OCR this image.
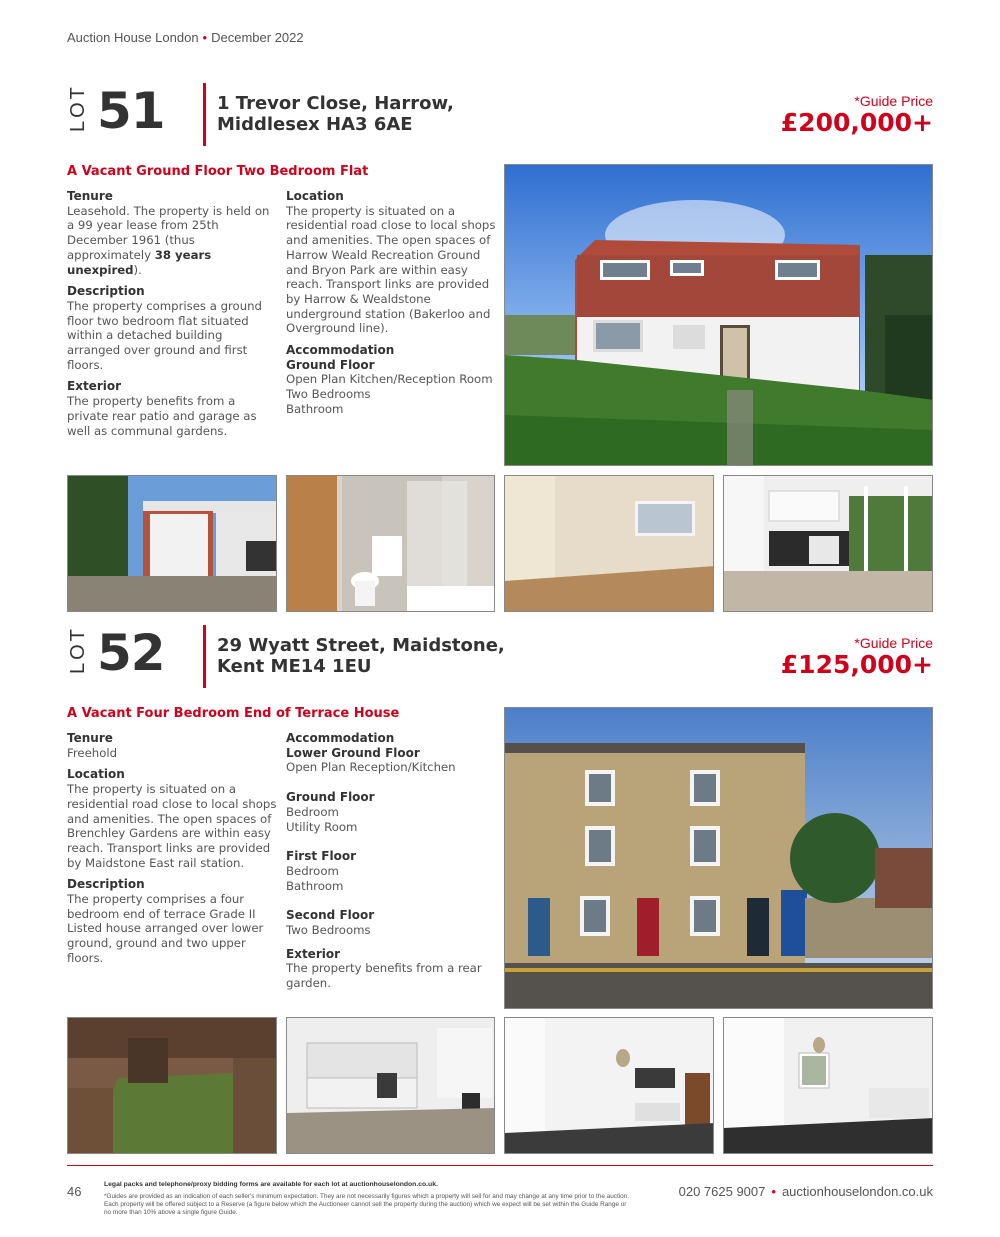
Auction House London • December 2022
LOT 51	1 Trevor Close, Harrow,
Middlesex HA3 6AE
*Guide Price
£200,000+
A Vacant Ground Floor Two Bedroom Flat
Tenure

Leasehold. The property is held on a 99 year lease from 25th December 1961 (thus approximately 38 years unexpired).

Description

The property comprises a ground floor two bedroom flat situated within a detached building arranged over ground and first floors.

Exterior

The property benefits from a private rear patio and garage as well as communal gardens.

Location

The property is situated on a residential road close to local shops and amenities. The open spaces of Harrow Weald Recreation Ground and Bryon Park are within easy reach. Transport links are provided by Harrow & Wealdstone underground station (Bakerloo and Overground line).

Accommodation
Ground Floor
Open Plan Kitchen/Reception Room
Two Bedrooms
Bathroom
LOT 52	29 Wyatt Street, Maidstone,
Kent ME14 1EU
*Guide Price
£125,000+
A Vacant Four Bedroom End of Terrace House
Tenure

Freehold

Location

The property is situated on a residential road close to local shops and amenities. The open spaces of Brenchley Gardens are within easy reach. Transport links are provided by Maidstone East rail station.

Description

The property comprises a four bedroom end of terrace Grade II Listed house arranged over lower ground, ground and two upper floors.

Accommodation
Lower Ground Floor
Open Plan Reception/Kitchen
Ground Floor
Bedroom
Utility Room
First Floor
Bedroom
Bathroom
Second Floor
Two Bedrooms
Exterior

The property benefits from a rear garden.

46	Legal packs and telephone/proxy bidding forms are available for each lot at auctionhouselondon.co.uk.
*Guides are provided as an indication of each seller's minimum expectation. They are not necessarily figures which a property will sell for and may change at any time prior to the auction. Each property will be offered subject to a Reserve (a figure below which the Auctioneer cannot sell the property during the auction) which we expect will be set within the Guide Range or no more than 10% above a single figure Guide.
020 7625 9007 • auctionhouselondon.co.uk
